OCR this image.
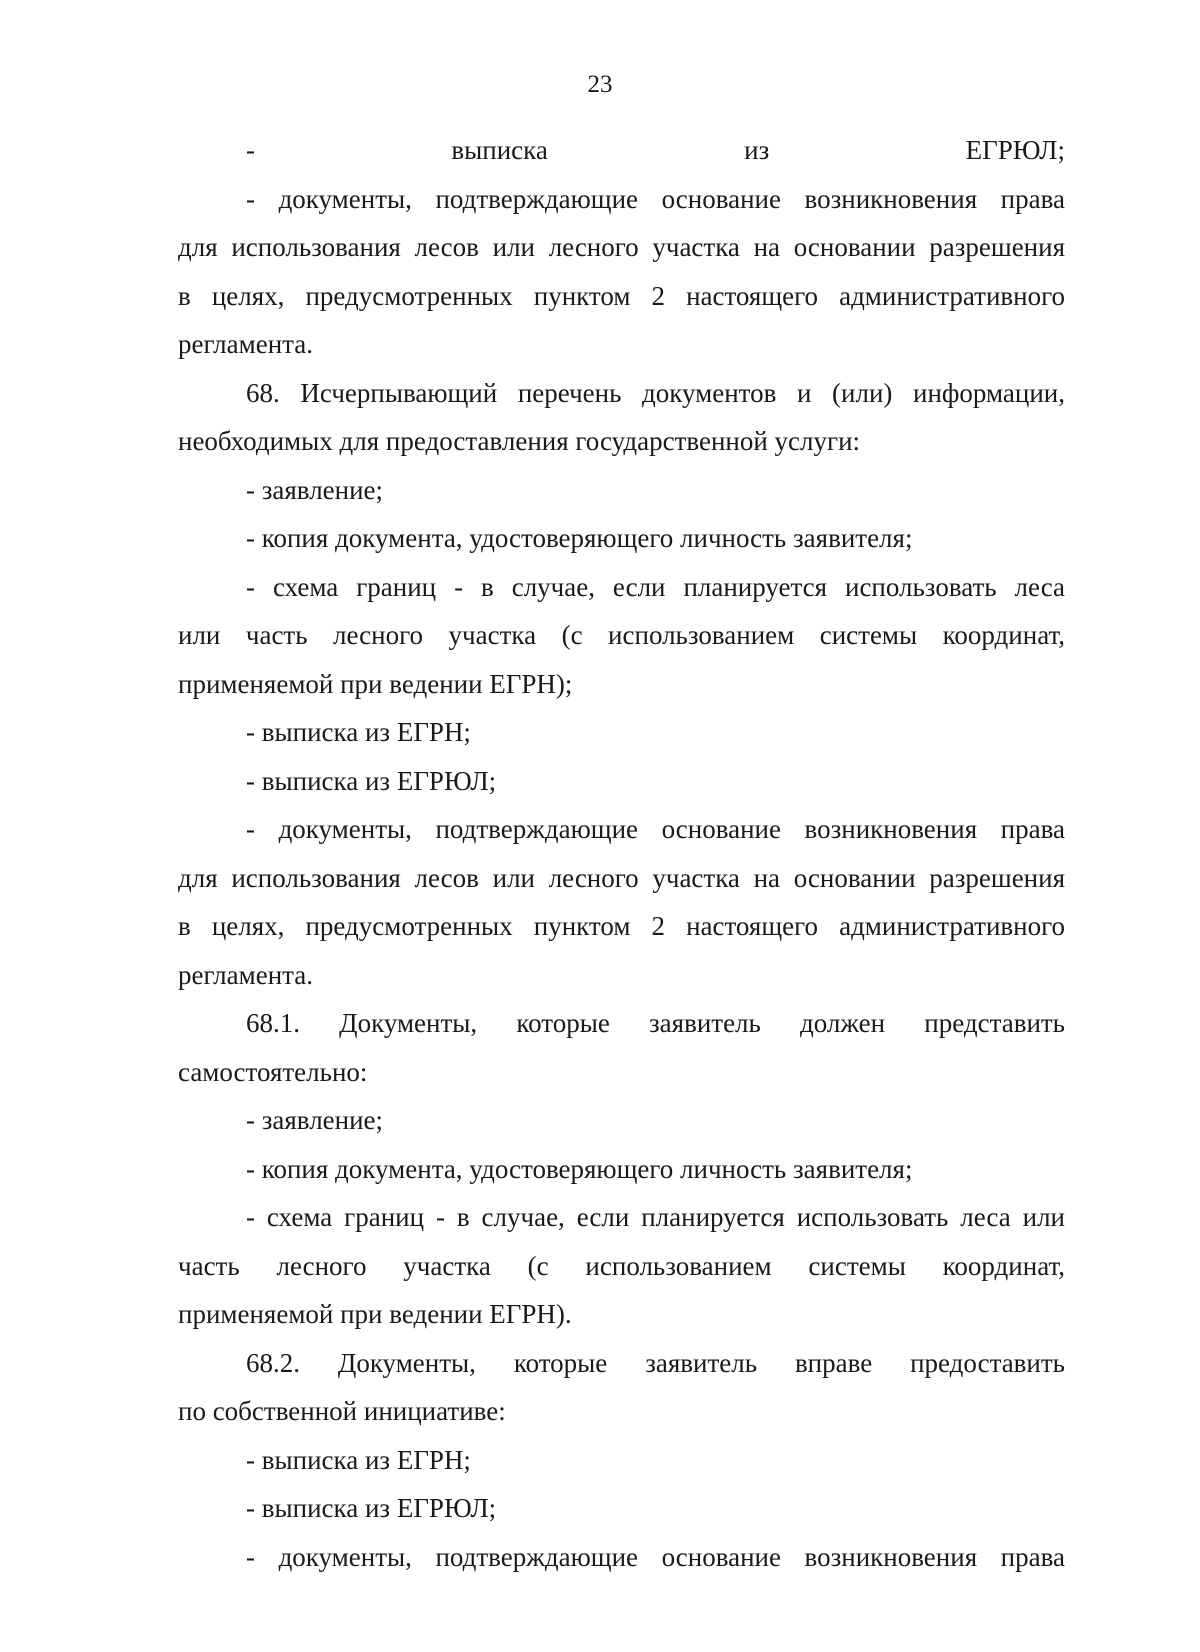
23

- выписка из ЕГРЮЛ;

- документы, подтверждающие основание возникновения права

для использования лесов или лесного участка на основании разрешения

в целях, предусмотренных пунктом 2 настоящего административного

регламента.

68. Исчерпывающий перечень документов и (или) информации,

необходимых для предоставления государственной услуги:

- заявление;

- копия документа, удостоверяющего личность заявителя;

- схема границ - в случае, если планируется использовать леса

или часть лесного участка (с использованием системы координат,

применяемой при ведении ЕГРН);

- выписка из ЕГРН;

- выписка из ЕГРЮЛ;

- документы, подтверждающие основание возникновения права

для использования лесов или лесного участка на основании разрешения

в целях, предусмотренных пунктом 2 настоящего административного

регламента.

68.1. Документы, которые заявитель должен представить

самостоятельно:

- заявление;

- копия документа, удостоверяющего личность заявителя;

- схема границ - в случае, если планируется использовать леса или

часть лесного участка (с использованием системы координат,

применяемой при ведении ЕГРН).

68.2. Документы, которые заявитель вправе предоставить

по собственной инициативе:

- выписка из ЕГРН;

- выписка из ЕГРЮЛ;

- документы, подтверждающие основание возникновения права
